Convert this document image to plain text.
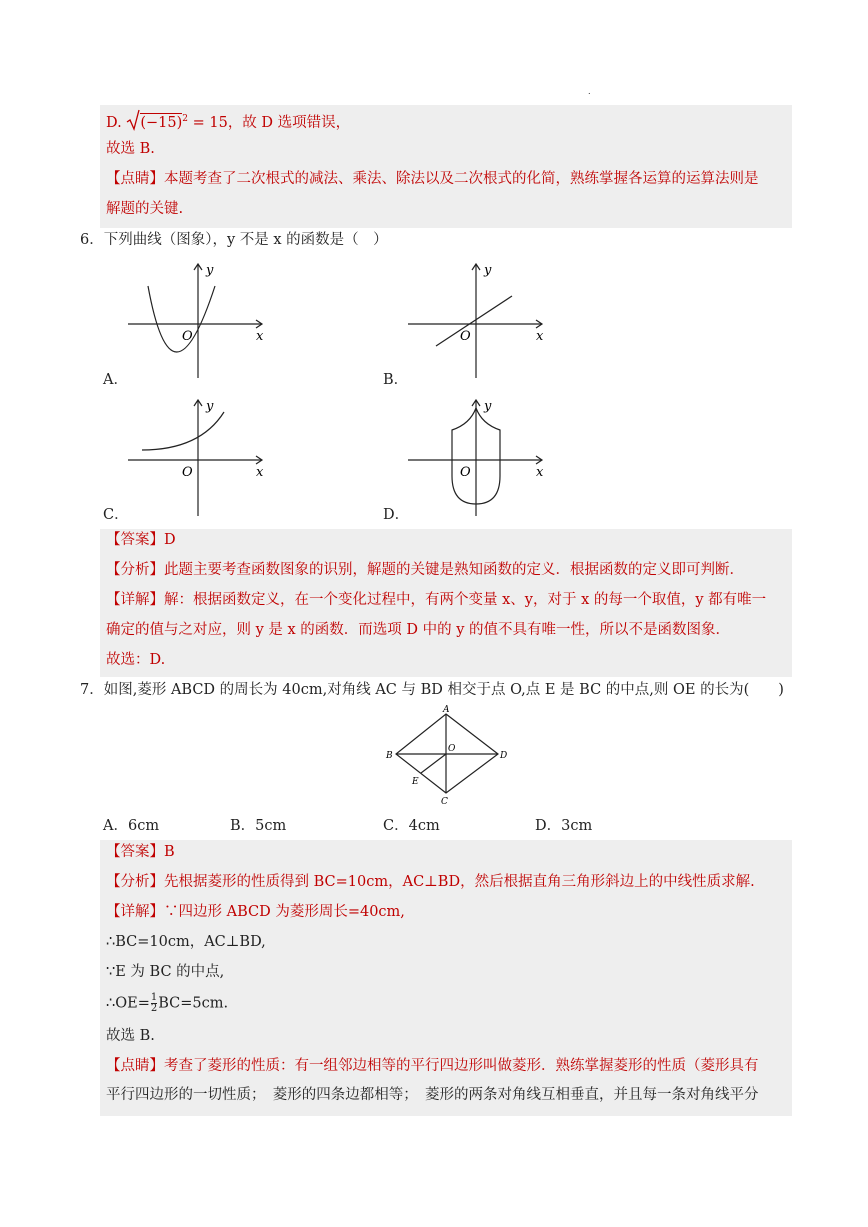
.
D. $(-15)^2 = 15$，故 D 选项错误，
故选 B.
【点睛】本题考查了二次根式的减法、乘法、除法以及二次根式的化简，熟练掌握各运算的运算法则是
解题的关键.
6．下列曲线（图象），y 不是 x 的函数是（　）
y
x
O
A．
y
x
O
B．
y
x
O
C．
y
x
O
D．
【答案】D
【分析】此题主要考查函数图象的识别，解题的关键是熟知函数的定义．根据函数的定义即可判断．
【详解】解：根据函数定义，在一个变化过程中，有两个变量 x、y，对于 x 的每一个取值，y 都有唯一
确定的值与之对应，则 y 是 x 的函数．而选项 D 中的 y 的值不具有唯一性，所以不是函数图象．
故选：D.
7．如图,菱形 ABCD 的周长为 40cm,对角线 AC 与 BD 相交于点 O,点 E 是 BC 的中点,则 OE 的长为(　　)
A
B
C
D
O
E
A．6cm	B．5cm	C．4cm	D．3cm
【答案】B
【分析】先根据菱形的性质得到 BC=10cm，AC⊥BD，然后根据直角三角形斜边上的中线性质求解.
【详解】∵四边形 ABCD 为菱形周长=40cm,
∴BC=10cm，AC⊥BD,
∵E 为 BC 的中点,
∴OE= $\frac{1}{2} BC=5cm$.
故选 B.
【点睛】考查了菱形的性质：有一组邻边相等的平行四边形叫做菱形．熟练掌握菱形的性质（菱形具有
平行四边形的一切性质；　菱形的四条边都相等；　菱形的两条对角线互相垂直，并且每一条对角线平分
